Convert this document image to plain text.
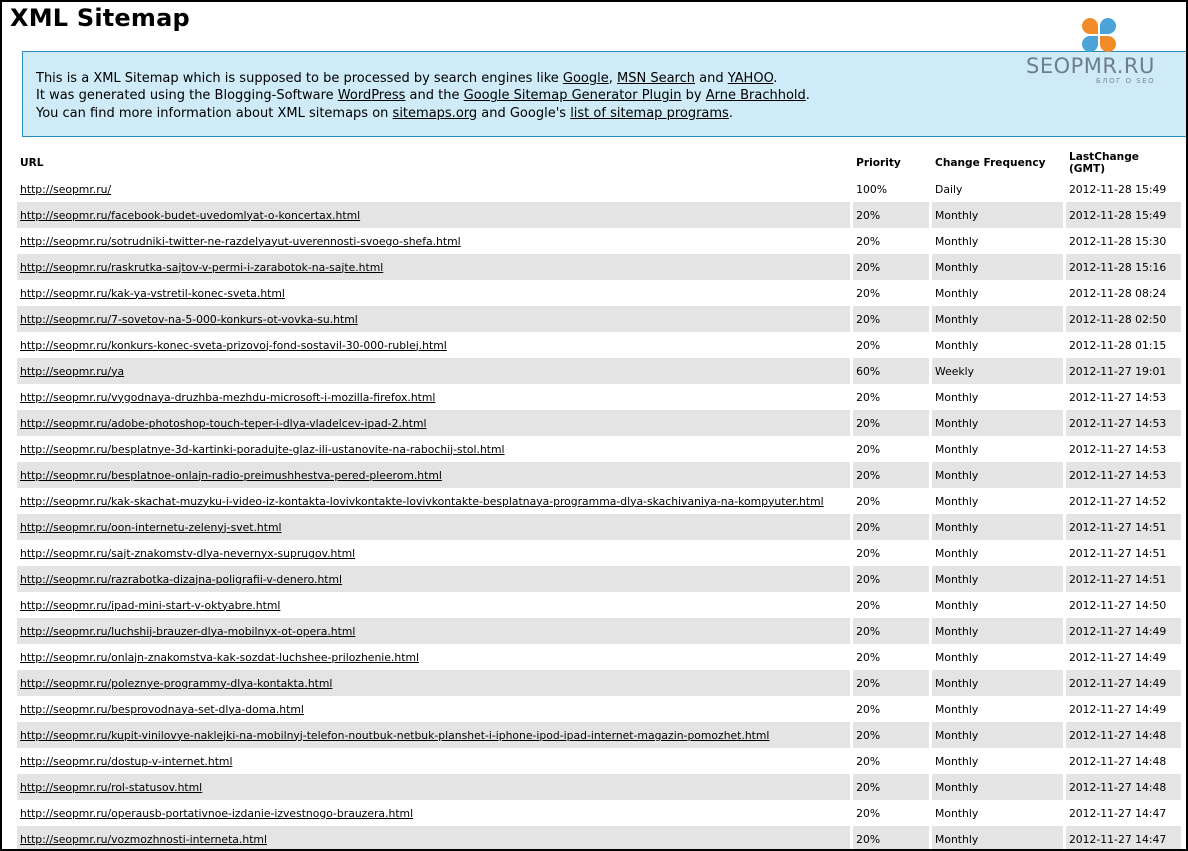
XML Sitemap
This is a XML Sitemap which is supposed to be processed by search engines like Google, MSN Search and YAHOO.
It was generated using the Blogging-Software WordPress and the Google Sitemap Generator Plugin by Arne Brachhold.
You can find more information about XML sitemaps on sitemaps.org and Google's list of sitemap programs.
SEOPMR.RU
БЛОГ О SEO
URL	Priority	Change Frequency	LastChange (GMT)
http://seopmr.ru/	100%	Daily	2012-11-28 15:49
http://seopmr.ru/facebook-budet-uvedomlyat-o-koncertax.html	20%	Monthly	2012-11-28 15:49
http://seopmr.ru/sotrudniki-twitter-ne-razdelyayut-uverennosti-svoego-shefa.html	20%	Monthly	2012-11-28 15:30
http://seopmr.ru/raskrutka-sajtov-v-permi-i-zarabotok-na-sajte.html	20%	Monthly	2012-11-28 15:16
http://seopmr.ru/kak-ya-vstretil-konec-sveta.html	20%	Monthly	2012-11-28 08:24
http://seopmr.ru/7-sovetov-na-5-000-konkurs-ot-vovka-su.html	20%	Monthly	2012-11-28 02:50
http://seopmr.ru/konkurs-konec-sveta-prizovoj-fond-sostavil-30-000-rublej.html	20%	Monthly	2012-11-28 01:15
http://seopmr.ru/ya	60%	Weekly	2012-11-27 19:01
http://seopmr.ru/vygodnaya-druzhba-mezhdu-microsoft-i-mozilla-firefox.html	20%	Monthly	2012-11-27 14:53
http://seopmr.ru/adobe-photoshop-touch-teper-i-dlya-vladelcev-ipad-2.html	20%	Monthly	2012-11-27 14:53
http://seopmr.ru/besplatnye-3d-kartinki-poradujte-glaz-ili-ustanovite-na-rabochij-stol.html	20%	Monthly	2012-11-27 14:53
http://seopmr.ru/besplatnoe-onlajn-radio-preimushhestva-pered-pleerom.html	20%	Monthly	2012-11-27 14:53
http://seopmr.ru/kak-skachat-muzyku-i-video-iz-kontakta-lovivkontakte-lovivkontakte-besplatnaya-programma-dlya-skachivaniya-na-kompyuter.html	20%	Monthly	2012-11-27 14:52
http://seopmr.ru/oon-internetu-zelenyj-svet.html	20%	Monthly	2012-11-27 14:51
http://seopmr.ru/sajt-znakomstv-dlya-nevernyx-suprugov.html	20%	Monthly	2012-11-27 14:51
http://seopmr.ru/razrabotka-dizajna-poligrafii-v-denero.html	20%	Monthly	2012-11-27 14:51
http://seopmr.ru/ipad-mini-start-v-oktyabre.html	20%	Monthly	2012-11-27 14:50
http://seopmr.ru/luchshij-brauzer-dlya-mobilnyx-ot-opera.html	20%	Monthly	2012-11-27 14:49
http://seopmr.ru/onlajn-znakomstva-kak-sozdat-luchshee-prilozhenie.html	20%	Monthly	2012-11-27 14:49
http://seopmr.ru/poleznye-programmy-dlya-kontakta.html	20%	Monthly	2012-11-27 14:49
http://seopmr.ru/besprovodnaya-set-dlya-doma.html	20%	Monthly	2012-11-27 14:49
http://seopmr.ru/kupit-vinilovye-naklejki-na-mobilnyj-telefon-noutbuk-netbuk-planshet-i-iphone-ipod-ipad-internet-magazin-pomozhet.html	20%	Monthly	2012-11-27 14:48
http://seopmr.ru/dostup-v-internet.html	20%	Monthly	2012-11-27 14:48
http://seopmr.ru/rol-statusov.html	20%	Monthly	2012-11-27 14:48
http://seopmr.ru/operausb-portativnoe-izdanie-izvestnogo-brauzera.html	20%	Monthly	2012-11-27 14:47
http://seopmr.ru/vozmozhnosti-interneta.html	20%	Monthly	2012-11-27 14:47
